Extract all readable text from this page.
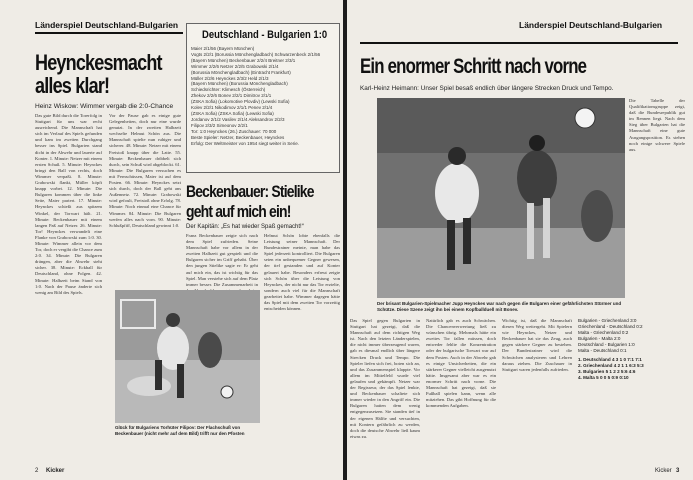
Länderspiel Deutschland-Bulgarien
Heynckesmacht
alles klar!
Heinz Wiskow: Wimmer vergab die 2:0-Chance
Das gute Bild durch die Torerfolg in Stuttgart für uns war recht ausreichend. Die Mannschaft hat sich im Verlauf des Spiels gefunden und kam im zweiten Durchgang besser ins Spiel. Bulgarien stand dicht in der Abwehr und lauerte auf Konter. 1. Minute: Netzer mit einem ersten Schuß. 5. Minute: Heynckes bringt den Ball von rechts, doch Wimmer verpaßt. 8. Minute: Grabowski flankt, Müller köpft knapp vorbei. 12. Minute: Die Bulgaren kommen über die linke Seite, Maier pariert. 17. Minute: Heynckes schießt aus spitzem Winkel, der Torwart hält. 21. Minute: Beckenbauer mit einem langen Paß auf Netzer. 26. Minute: Tor! Heynckes verwandelt eine Flanke von Grabowski zum 1:0. 30. Minute: Wimmer allein vor dem Tor, doch er vergibt die Chance zum 2:0. 34. Minute: Die Bulgaren drängen, aber die Abwehr steht sicher. 38. Minute: Eckball für Deutschland, ohne Folgen. 42. Minute: Halbzeit beim Stand von 1:0. Nach der Pause änderte sich wenig am Bild des Spiels.
Vor der Pause gab es einige gute Gelegenheiten, doch nur eine wurde genutzt. In der zweiten Halbzeit wechselte Helmut Schön aus. Die Mannschaft spielte nun ruhiger und sicherer. 48. Minute: Netzer mit einem Freistoß knapp über die Latte. 55. Minute: Beckenbauer dribbelt sich durch, sein Schuß wird abgeblockt. 61. Minute: Die Bulgaren versuchen es mit Fernschüssen, Maier ist auf dem Posten. 66. Minute: Heynckes setzt sich durch, doch der Ball geht ans Außennetz. 72. Minute: Grabowski wird gefoult, Freistoß ohne Erfolg. 78. Minute: Noch einmal eine Chance für Wimmer. 84. Minute: Die Bulgaren werfen alles nach vorn. 90. Minute: Schlußpfiff, Deutschland gewinnt 1:0.
Deutschland - Bulgarien 1:0
Maier 2/1/56 (Bayern München)
Vogts 2/2/1 (Borussia Mönchengladbach) Schwarzenbeck 2/1/56
(Bayern München) Beckenbauer 2/2/4 Breitner 2/3/1
Wimmer 2/2/6 Netzer 2/2/5 Grabowski 2/1/4
(Borussia Mönchengladbach) (Eintracht Frankfurt)
Müller 2/2/6 Heynckes 2/3/2 Held 2/1/3
(Bayern München) (Borussia Mönchengladbach)
Schiedsrichter: Klimesch (Österreich)
Zhekov 2/2/6 Bonev 2/2/1 Dimitrov 2/1/1
(ZSKA Sofia) (Lokomotive Plovdiv) (Lewski Sofia)
Kolev 2/2/1 Nikodimov 2/1/1 Penev 2/1/4
(ZSKA Sofia) (ZSKA Sofia) (Lewski Sofia)
Jordanov 2/1/2 Vasilev 2/1/4 Aleksandrov 2/2/3
Filipov 2/3/2 Simeonov 2/2/1
Tor: 1:0 Heynckes (26.) Zuschauer: 70 000
Beste Spieler: Netzer, Beckenbauer, Heynckes
Erfolg: Der Weltmeister von 1954 siegt weiter in Serie.
Beckenbauer: Stielike
geht auf mich ein!
Der Kapitän: „Es hat wieder Spaß gemacht!“
Franz Beckenbauer zeigte sich nach dem Spiel zufrieden. Seine Mannschaft habe vor allem in der zweiten Halbzeit gut gespielt und die Bulgaren sicher im Griff gehabt. Über den jungen Stielike sagte er: Er geht auf mich ein, das ist wichtig für das Spiel. Man verstehe sich auf dem Platz immer besser. Die Zusammenarbeit in
Helmut Schön lobte ebenfalls die Leistung seiner Mannschaft. Der Bundestrainer meinte, man habe das Spiel jederzeit kontrolliert. Die Bulgaren seien ein unbequemer Gegner gewesen, der tief gestanden und auf Konter gelauert habe. Besonders erfreut zeigte sich Schön über die Leistung von Heynckes, der nicht nur das Tor erzielte, sondern auch viel für die Mannschaft gearbeitet habe. Wimmer dagegen hätte das Spiel mit dem zweiten Tor vorzeitig entscheiden können.
Glück für Bulgariens Torhüter Filipov: Der Flachschuß von Beckenbauer (nicht mehr auf dem Bild) trifft nur den Pfosten
2 Kicker
Länderspiel Deutschland-Bulgarien
Ein enormer Schritt nach vorne
Karl-Heinz Heimann: Unser Spiel besaß endlich über längere Strecken Druck und Tempo.
Der brisant Bulgarien-Spielmacher Jupp Heynckes war nach gegen die Bulgaren einer gefährlichsten Stürmer und Schütze. Diese Szene zeigt ihn bei einem Kopfballduell mit Bonev.
Das Spiel gegen Bulgarien in Stuttgart hat gezeigt, daß die Mannschaft auf dem richtigen Weg ist. Nach den letzten Länderspielen, die nicht immer überzeugend waren, gab es diesmal endlich über längere Strecken Druck und Tempo. Die Spieler liefen sich frei, boten sich an, und das Zusammenspiel klappte. Vor allem im Mittelfeld wurde viel gelaufen und gekämpft. Netzer war der Regisseur, der das Spiel lenkte, und Beckenbauer schaltete sich immer wieder in den Angriff ein. Die Bulgaren hatten dem wenig entgegenzusetzen. Sie standen tief in der eigenen Hälfte und versuchten, mit Kontern gefährlich zu werden, doch die deutsche Abwehr ließ kaum etwas zu.
Natürlich gab es auch Schwächen. Die Chancenverwertung ließ zu wünschen übrig. Mehrmals hätte ein zweites Tor fallen müssen, doch entweder fehlte die Konzentration oder der bulgarische Torwart war auf dem Posten. Auch in der Abwehr gab es einige Unsicherheiten, die ein stärkerer Gegner vielleicht ausgenutzt hätte. Insgesamt aber war es ein enormer Schritt nach vorne. Die Mannschaft hat gezeigt, daß sie Fußball spielen kann, wenn alle mitziehen. Das gibt Hoffnung für die kommenden Aufgaben.
Wichtig ist, daß die Mannschaft diesen Weg weitergeht. Mit Spielern wie Heynckes, Netzer und Beckenbauer hat sie das Zeug, auch gegen stärkere Gegner zu bestehen. Der Bundestrainer wird die Schwächen analysieren und Lehren daraus ziehen. Die Zuschauer in Stuttgart waren jedenfalls zufrieden.
Die Tabelle der Qualifikationsgruppe zeigt, daß die Bundesrepublik gut im Rennen liegt. Nach dem Sieg über Bulgarien hat die Mannschaft eine gute Ausgangsposition. Es stehen noch einige schwere Spiele aus.
Bulgarien - Griechenland 3:0
Griechenland - Deutschland 0:2
Malta - Griechenland 0:2
Bulgarien - Malta 2:0
Deutschland - Bulgarien 1:0
Malta - Deutschland 0:1
1. Deutschland 4 3 1 0 7:1 7:1
2. Griechenland 4 2 1 1 6:3 5:3
3. Bulgarien 5 1 2 2 5:6 4:6
4. Malta 5 0 0 5 0:9 0:10
Kicker 3
